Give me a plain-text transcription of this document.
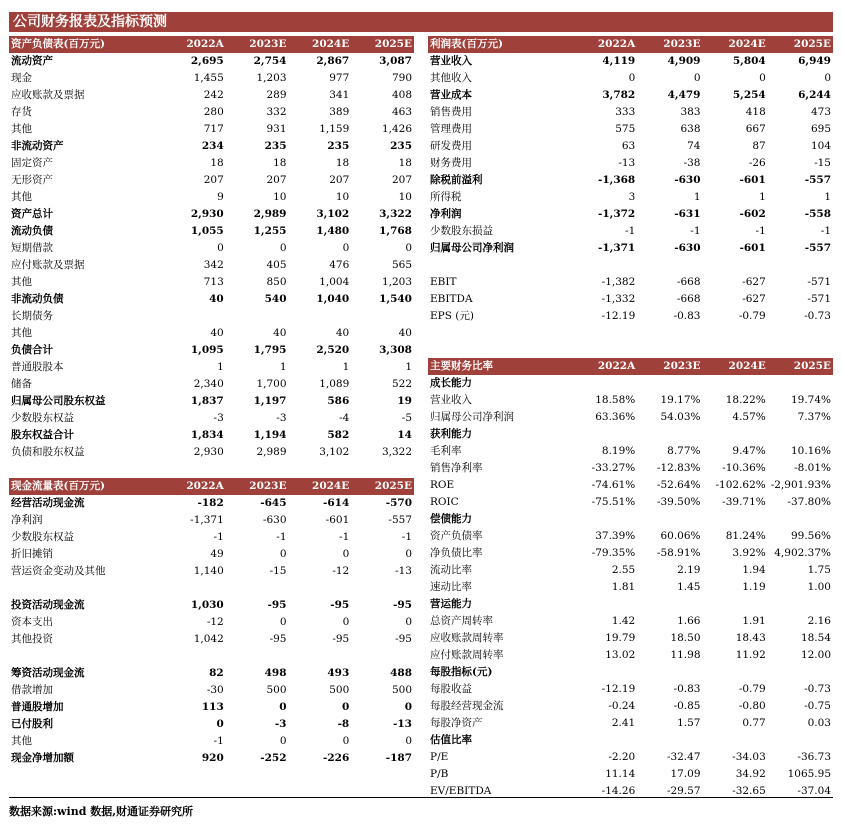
公司财务报表及指标预测
资产负债表(百万元)	2022A	2023E	2024E	2025E
流动资产	2,695	2,754	2,867	3,087
现金	1,455	1,203	977	790
应收账款及票据	242	289	341	408
存货	280	332	389	463
其他	717	931	1,159	1,426
非流动资产	234	235	235	235
固定资产	18	18	18	18
无形资产	207	207	207	207
其他	9	10	10	10
资产总计	2,930	2,989	3,102	3,322
流动负债	1,055	1,255	1,480	1,768
短期借款	0	0	0	0
应付账款及票据	342	405	476	565
其他	713	850	1,004	1,203
非流动负债	40	540	1,040	1,540
长期债务				
其他	40	40	40	40
负债合计	1,095	1,795	2,520	3,308
普通股股本	1	1	1	1
储备	2,340	1,700	1,089	522
归属母公司股东权益	1,837	1,197	586	19
少数股东权益	-3	-3	-4	-5
股东权益合计	1,834	1,194	582	14
负债和股东权益	2,930	2,989	3,102	3,322
利润表(百万元)	2022A	2023E	2024E	2025E
营业收入	4,119	4,909	5,804	6,949
其他收入	0	0	0	0
营业成本	3,782	4,479	5,254	6,244
销售费用	333	383	418	473
管理费用	575	638	667	695
研发费用	63	74	87	104
财务费用	-13	-38	-26	-15
除税前溢利	-1,368	-630	-601	-557
所得税	3	1	1	1
净利润	-1,372	-631	-602	-558
少数股东损益	-1	-1	-1	-1
归属母公司净利润	-1,371	-630	-601	-557

EBIT	-1,382	-668	-627	-571
EBITDA	-1,332	-668	-627	-571
EPS (元)	-12.19	-0.83	-0.79	-0.73
现金流量表(百万元)	2022A	2023E	2024E	2025E
经营活动现金流	-182	-645	-614	-570
净利润	-1,371	-630	-601	-557
少数股东权益	-1	-1	-1	-1
折旧摊销	49	0	0	0
营运资金变动及其他	1,140	-15	-12	-13

投资活动现金流	1,030	-95	-95	-95
资本支出	-12	0	0	0
其他投资	1,042	-95	-95	-95

筹资活动现金流	82	498	493	488
借款增加	-30	500	500	500
普通股增加	113	0	0	0
已付股利	0	-3	-8	-13
其他	-1	0	0	0
现金净增加额	920	-252	-226	-187
主要财务比率	2022A	2023E	2024E	2025E
成长能力				
营业收入	18.58%	19.17%	18.22%	19.74%
归属母公司净利润	63.36%	54.03%	4.57%	7.37%
获利能力				
毛利率	8.19%	8.77%	9.47%	10.16%
销售净利率	-33.27%	-12.83%	-10.36%	-8.01%
ROE	-74.61%	-52.64%	-102.62%	-2,901.93%
ROIC	-75.51%	-39.50%	-39.71%	-37.80%
偿债能力				
资产负债率	37.39%	60.06%	81.24%	99.56%
净负债比率	-79.35%	-58.91%	3.92%	4,902.37%
流动比率	2.55	2.19	1.94	1.75
速动比率	1.81	1.45	1.19	1.00
营运能力				
总资产周转率	1.42	1.66	1.91	2.16
应收账款周转率	19.79	18.50	18.43	18.54
应付账款周转率	13.02	11.98	11.92	12.00
每股指标(元)				
每股收益	-12.19	-0.83	-0.79	-0.73
每股经营现金流	-0.24	-0.85	-0.80	-0.75
每股净资产	2.41	1.57	0.77	0.03
估值比率				
P/E	-2.20	-32.47	-34.03	-36.73
P/B	11.14	17.09	34.92	1065.95
EV/EBITDA	-14.26	-29.57	-32.65	-37.04
数据来源:wind 数据,财通证券研究所
